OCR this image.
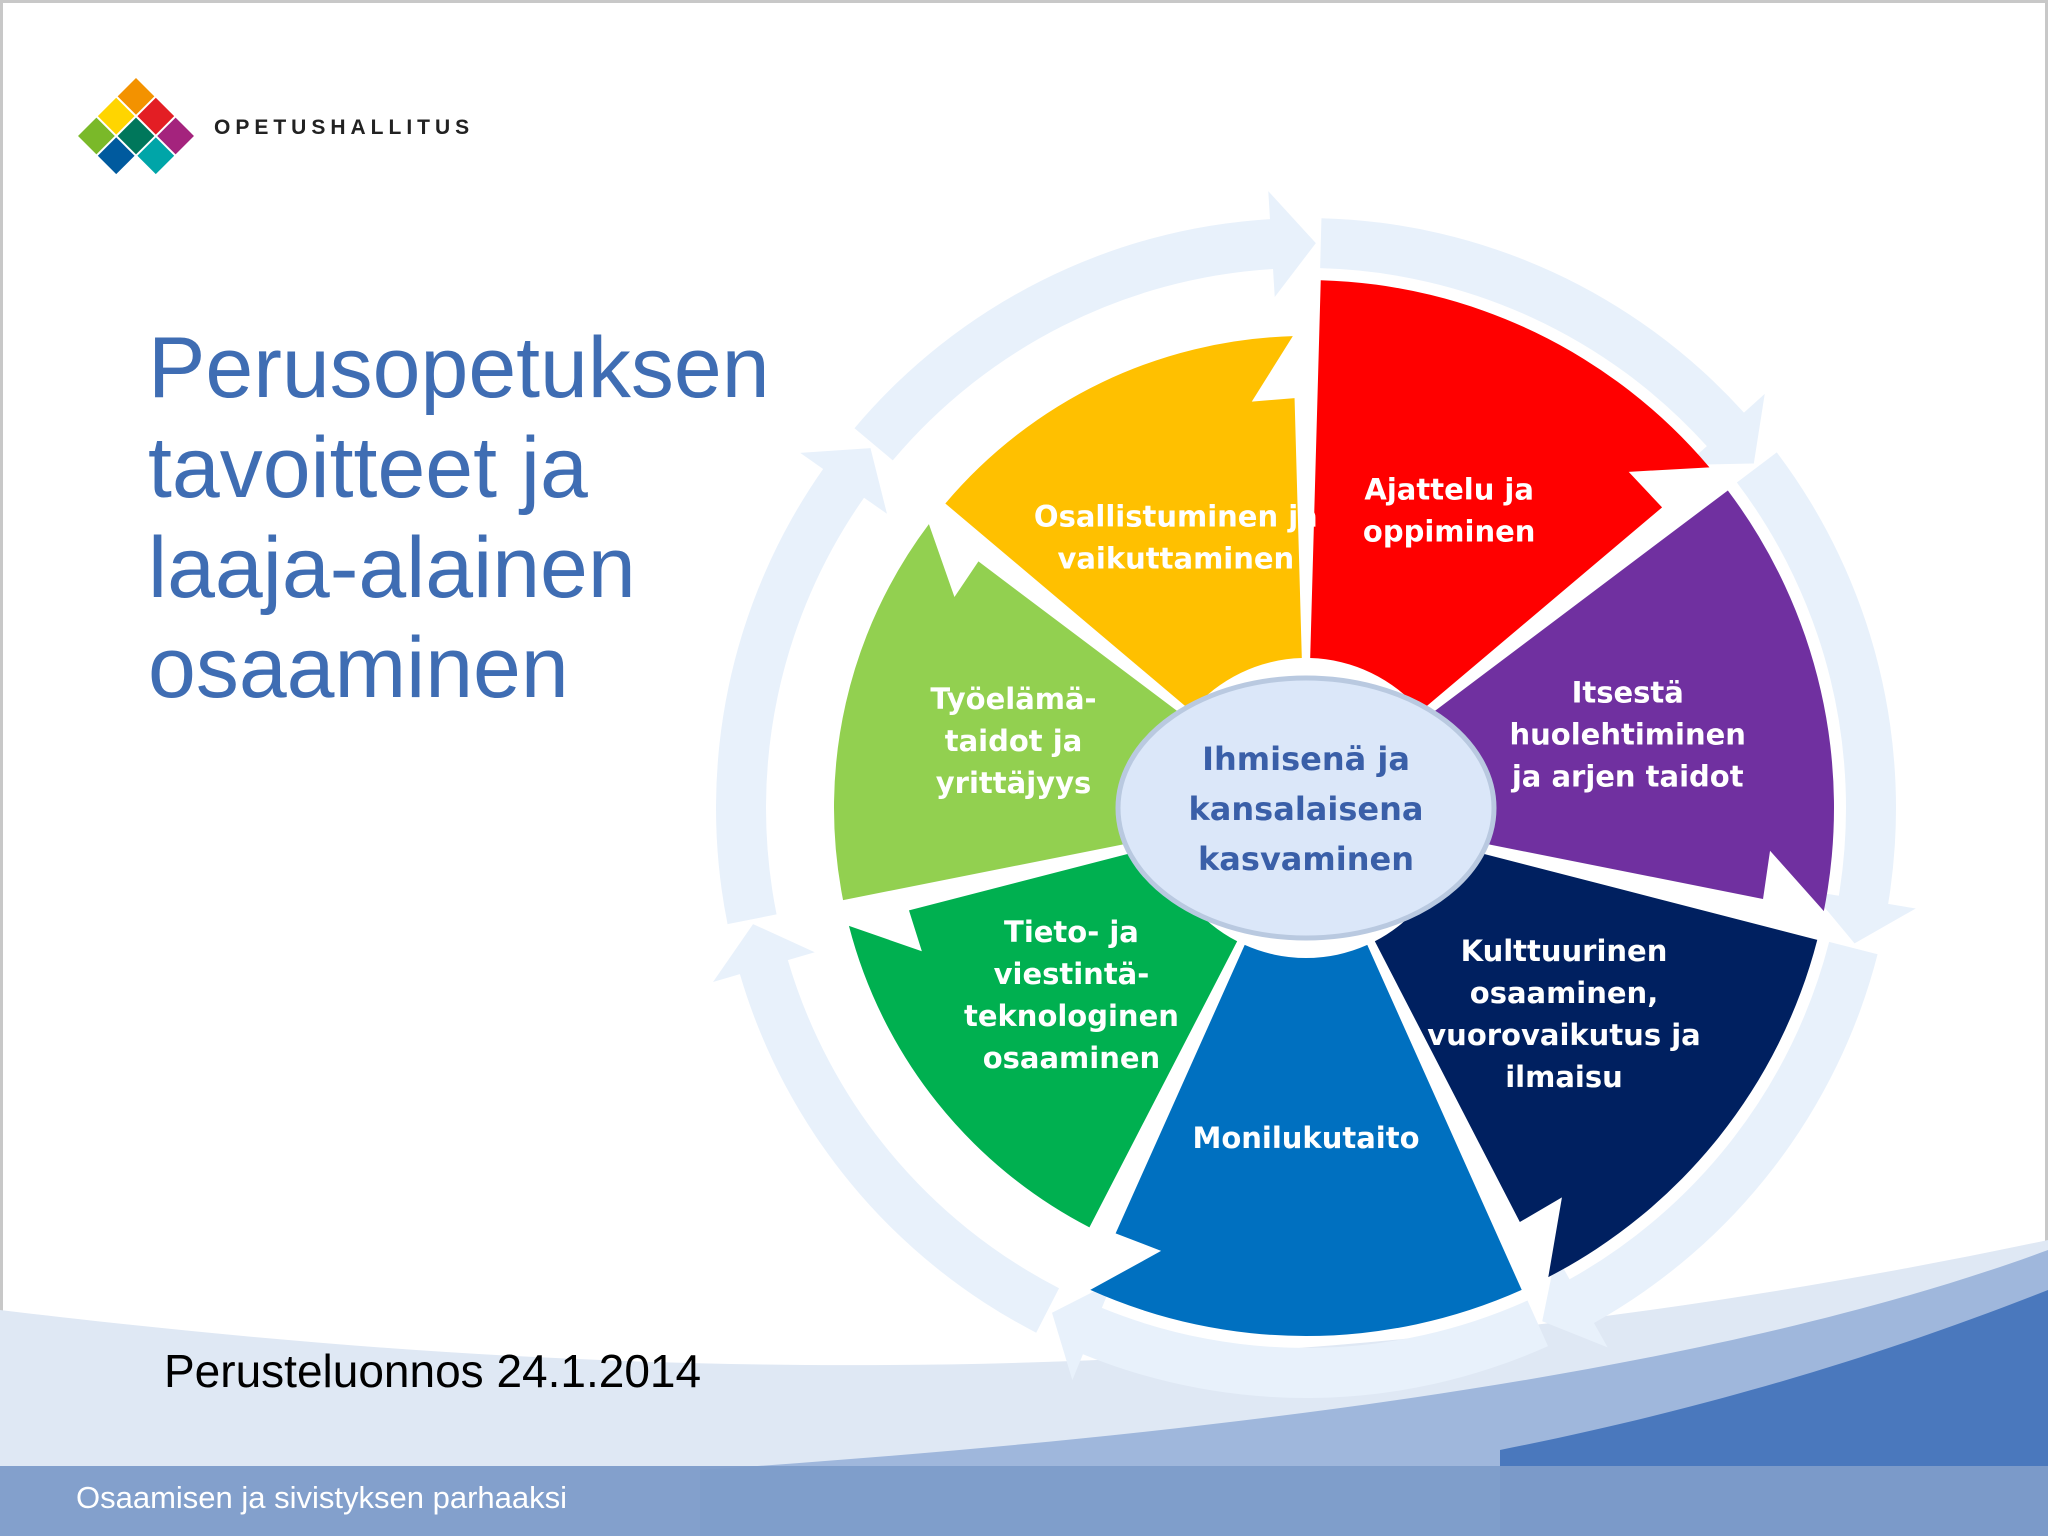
OPETUSHALLITUS
Perusopetuksen
tavoitteet ja
laaja-alainen
osaaminen
Ajattelu ja oppiminen
Itsestä huolehtiminen ja arjen taidot
Kulttuurinen osaaminen, vuorovaikutus ja ilmaisu
Monilukutaito
Tieto- ja viestintä-teknologinen osaaminen
Työelämä-taidot ja yrittäjyys
Osallistuminen ja vaikuttaminen
Ihmisenä ja kansalaisena kasvaminen
Perusteluonnos 24.1.2014
Osaamisen ja sivistyksen parhaaksi
